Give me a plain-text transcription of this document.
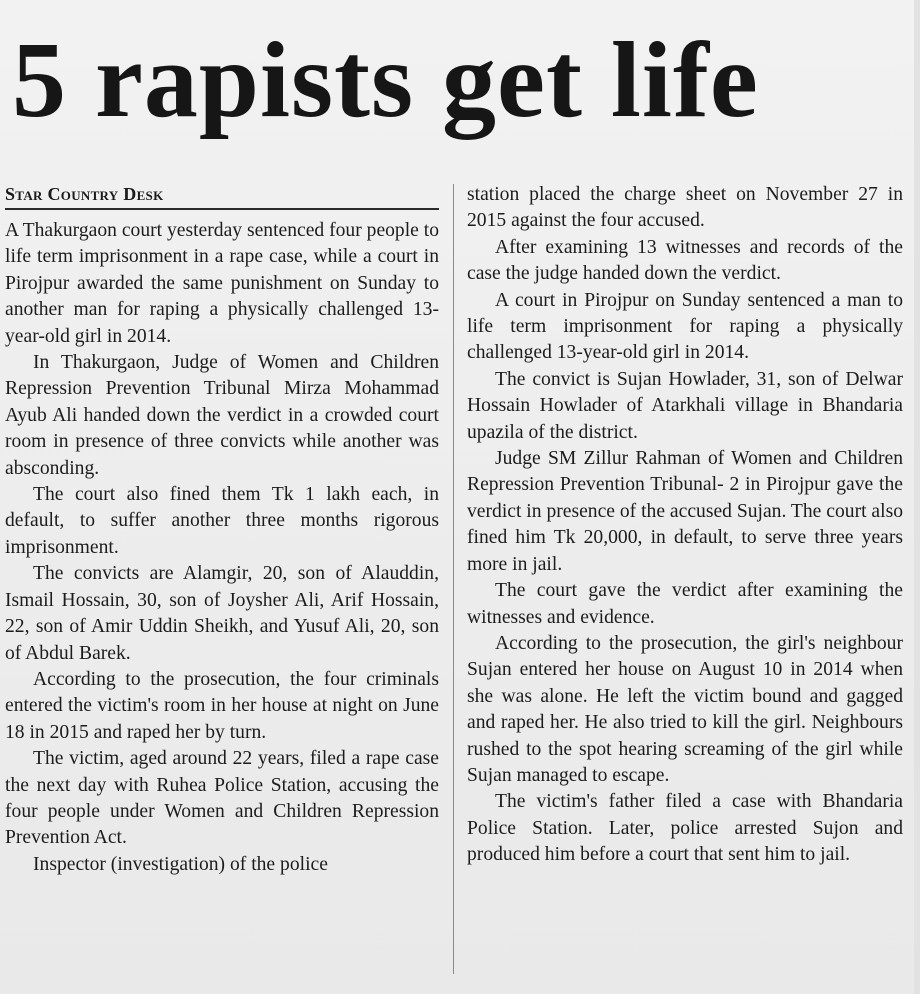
5 rapists get life
Star Country Desk

A Thakurgaon court yesterday sentenced four people to life term imprisonment in a rape case, while a court in Pirojpur awarded the same punishment on Sunday to another man for raping a physically challenged 13-year-old girl in 2014.

In Thakurgaon, Judge of Women and Children Repression Prevention Tribunal Mirza Mohammad Ayub Ali handed down the verdict in a crowded court room in presence of three convicts while another was absconding.

The court also fined them Tk 1 lakh each, in default, to suffer another three months rigorous imprisonment.

The convicts are Alamgir, 20, son of Alauddin, Ismail Hossain, 30, son of Joysher Ali, Arif Hossain, 22, son of Amir Uddin Sheikh, and Yusuf Ali, 20, son of Abdul Barek.

According to the prosecution, the four criminals entered the victim's room in her house at night on June 18 in 2015 and raped her by turn.

The victim, aged around 22 years, filed a rape case the next day with Ruhea Police Station, accusing the four people under Women and Children Repression Prevention Act.

Inspector (investigation) of the police

station placed the charge sheet on November 27 in 2015 against the four accused.

After examining 13 witnesses and records of the case the judge handed down the verdict.

A court in Pirojpur on Sunday sentenced a man to life term imprisonment for raping a physically challenged 13-year-old girl in 2014.

The convict is Sujan Howlader, 31, son of Delwar Hossain Howlader of Atarkhali village in Bhandaria upazila of the district.

Judge SM Zillur Rahman of Women and Children Repression Prevention Tribunal- 2 in Pirojpur gave the verdict in presence of the accused Sujan. The court also fined him Tk 20,000, in default, to serve three years more in jail.

The court gave the verdict after examining the witnesses and evidence.

According to the prosecution, the girl's neighbour Sujan entered her house on August 10 in 2014 when she was alone. He left the victim bound and gagged and raped her. He also tried to kill the girl. Neighbours rushed to the spot hearing screaming of the girl while Sujan managed to escape.

The victim's father filed a case with Bhandaria Police Station. Later, police arrested Sujon and produced him before a court that sent him to jail.
